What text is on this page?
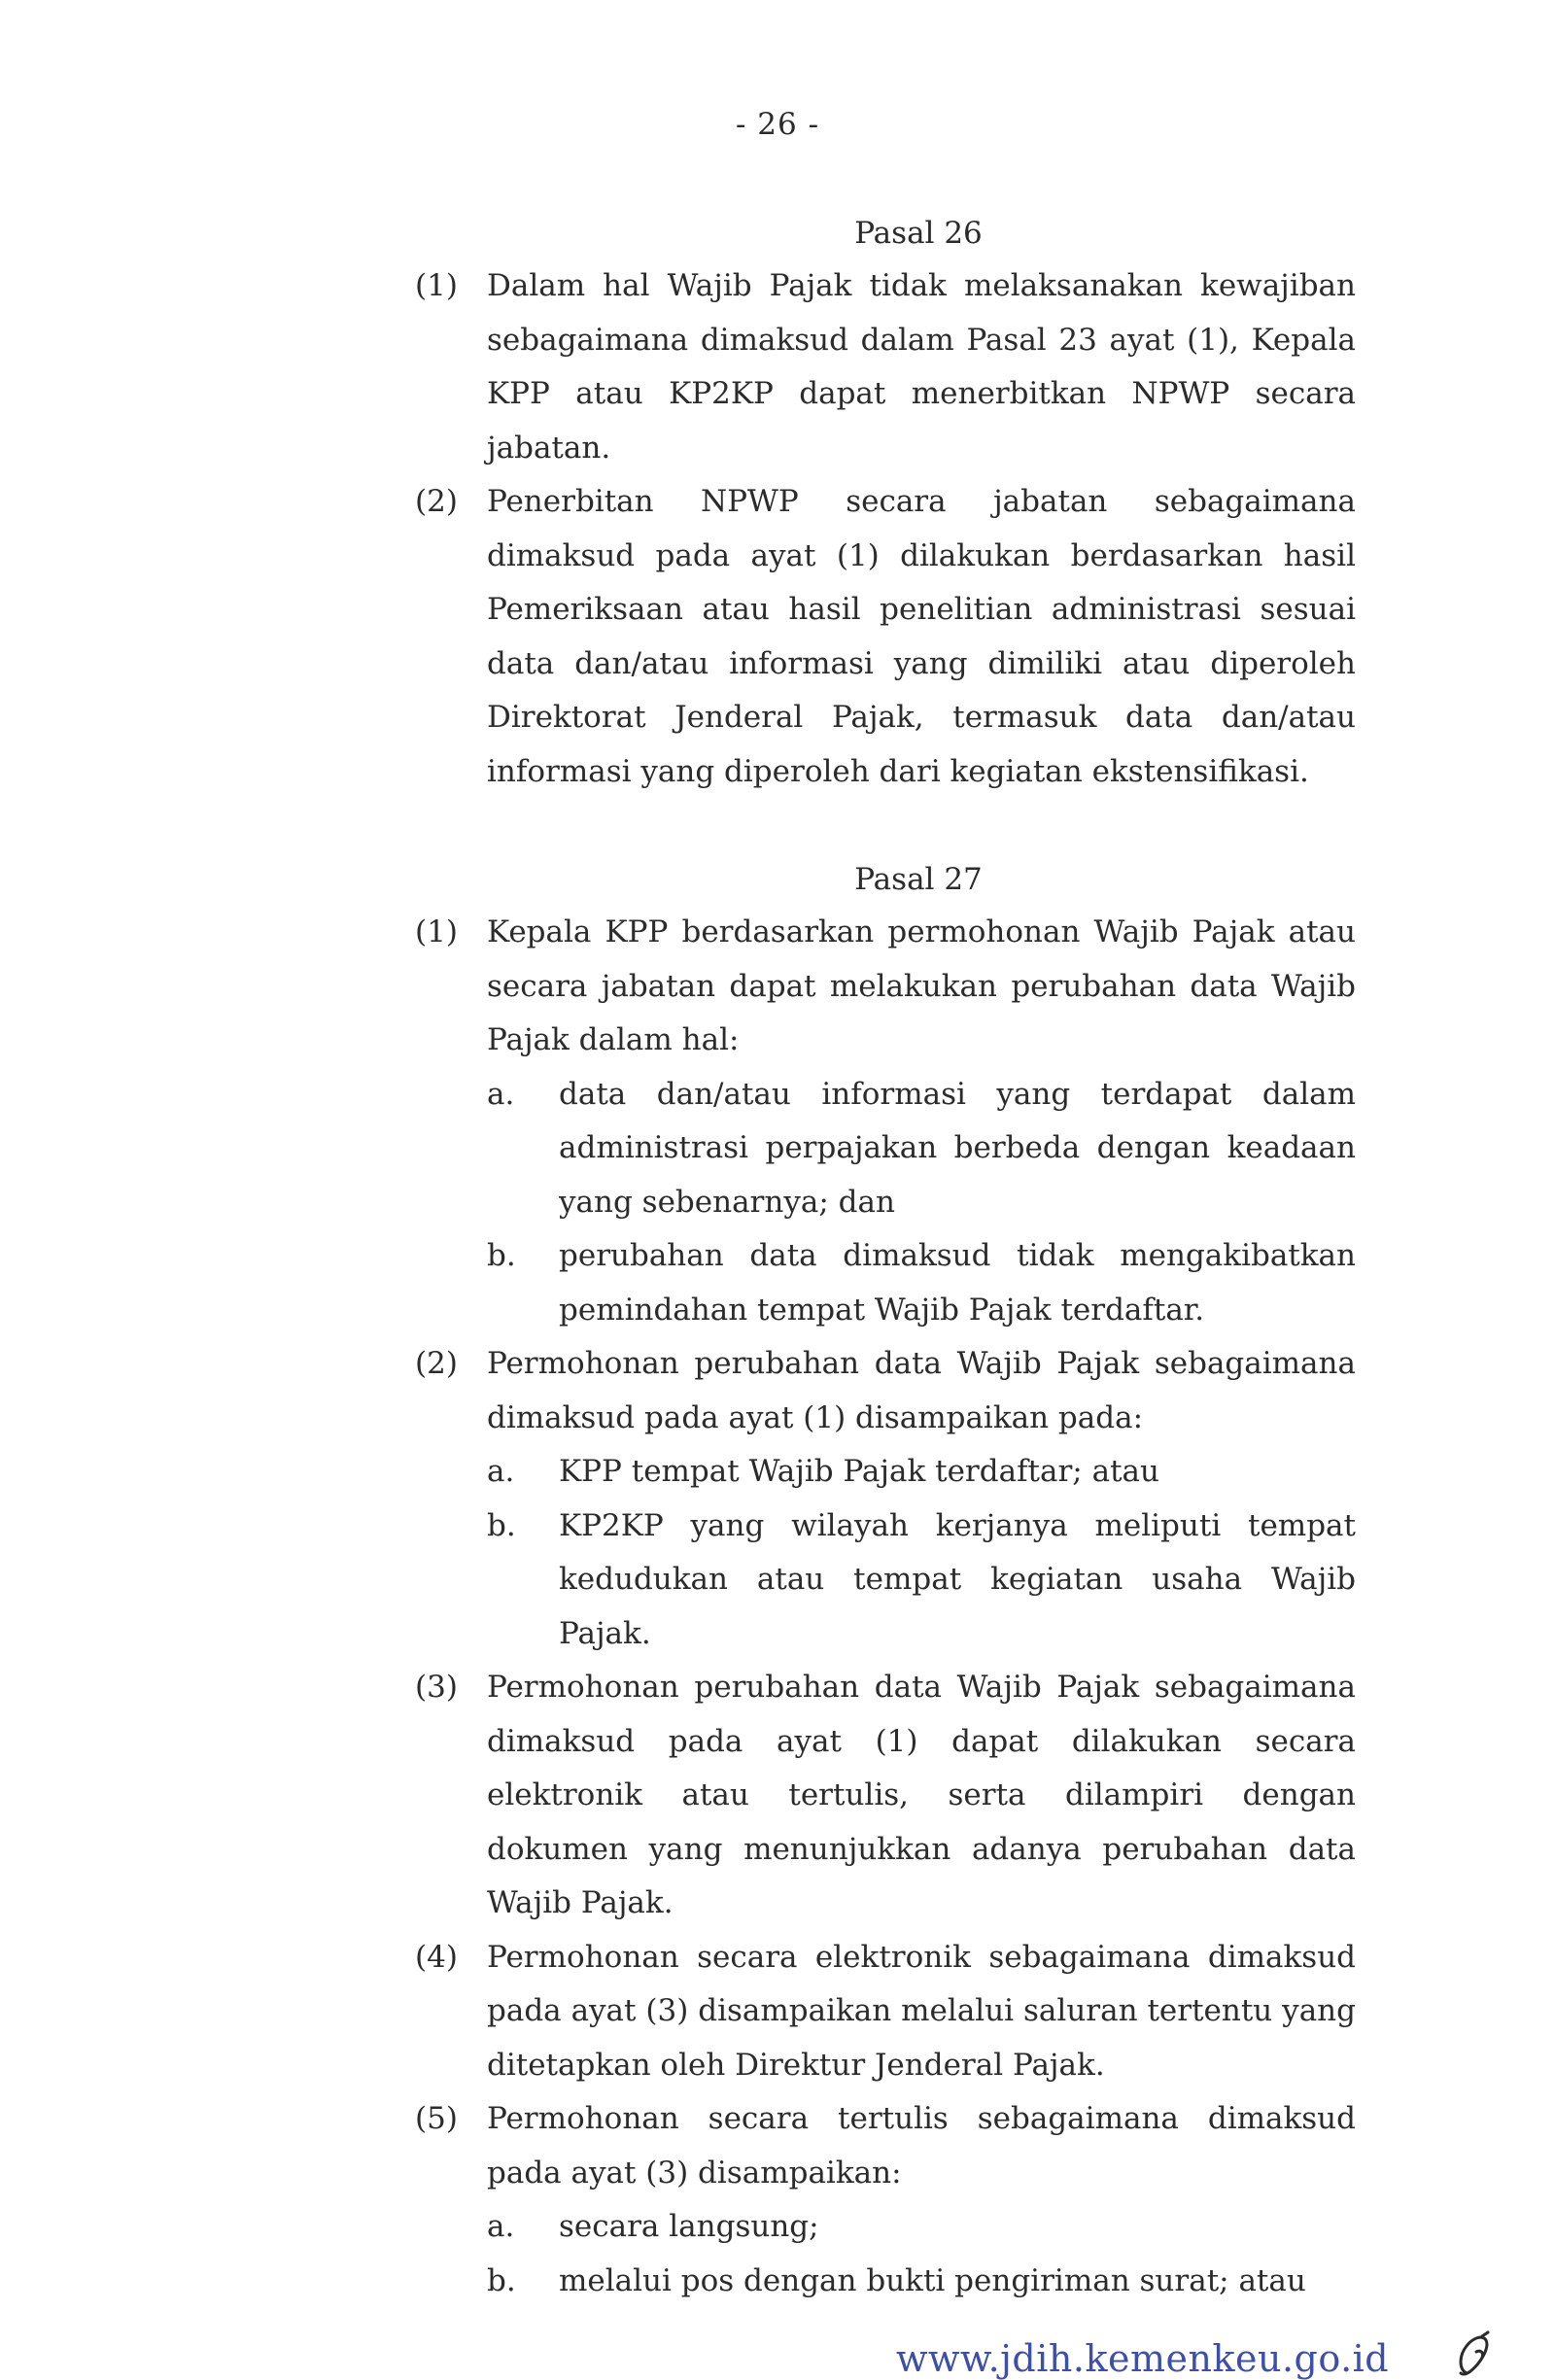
- 26 -
Pasal 26
(1) Dalam hal Wajib Pajak tidak melaksanakan kewajiban sebagaimana dimaksud dalam Pasal 23 ayat (1), Kepala KPP atau KP2KP dapat menerbitkan NPWP secara jabatan.
(2) Penerbitan NPWP secara jabatan sebagaimana dimaksud pada ayat (1) dilakukan berdasarkan hasil Pemeriksaan atau hasil penelitian administrasi sesuai data dan/atau informasi yang dimiliki atau diperoleh Direktorat Jenderal Pajak, termasuk data dan/atau informasi yang diperoleh dari kegiatan ekstensifikasi.
Pasal 27
(1) Kepala KPP berdasarkan permohonan Wajib Pajak atau secara jabatan dapat melakukan perubahan data Wajib Pajak dalam hal:
a. data dan/atau informasi yang terdapat dalam administrasi perpajakan berbeda dengan keadaan yang sebenarnya; dan
b. perubahan data dimaksud tidak mengakibatkan pemindahan tempat Wajib Pajak terdaftar.
(2) Permohonan perubahan data Wajib Pajak sebagaimana dimaksud pada ayat (1) disampaikan pada:
a. KPP tempat Wajib Pajak terdaftar; atau
b. KP2KP yang wilayah kerjanya meliputi tempat kedudukan atau tempat kegiatan usaha Wajib Pajak.
(3) Permohonan perubahan data Wajib Pajak sebagaimana dimaksud pada ayat (1) dapat dilakukan secara elektronik atau tertulis, serta dilampiri dengan dokumen yang menunjukkan adanya perubahan data Wajib Pajak.
(4) Permohonan secara elektronik sebagaimana dimaksud pada ayat (3) disampaikan melalui saluran tertentu yang ditetapkan oleh Direktur Jenderal Pajak.
(5) Permohonan secara tertulis sebagaimana dimaksud pada ayat (3) disampaikan:
a. secara langsung;
b. melalui pos dengan bukti pengiriman surat; atau
www.jdih.kemenkeu.go.id
